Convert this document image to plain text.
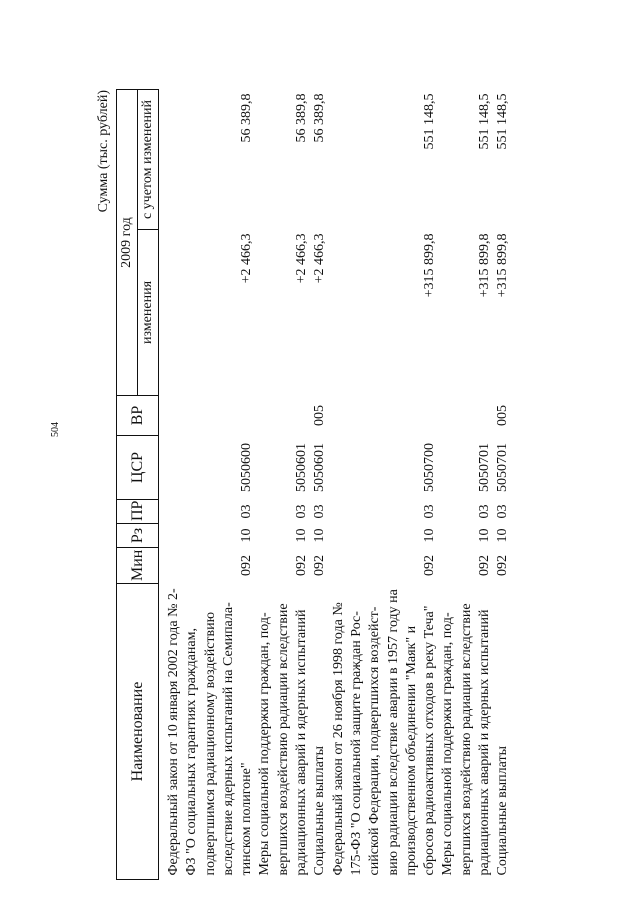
504
Сумма (тыс. рублей)
Наименование	Мин	Рз	ПР	ЦСР	ВР	2009 год	
						изменения	с учетом изменений

Федеральный закон от 10 января 2002 года № 2-ФЗ "О социальных гарантиях гражданам, подвергшимся радиационному воздействию вследствие ядерных испытаний на Семипалатинском полигоне"	092	10	03	5050600		+2 466,3	56 389,8
Меры социальной поддержки граждан, подвергшихся воздействию радиации вследствие радиационных аварий и ядерных испытаний	092	10	03	5050601		+2 466,3	56 389,8
Социальные выплаты	092	10	03	5050601	005	+2 466,3	56 389,8
Федеральный закон от 26 ноября 1998 года № 175-ФЗ "О социальной защите граждан Российской Федерации, подвергшихся воздействию радиации вследствие аварии в 1957 году на производственном объединении "Маяк" и сбросов радиоактивных отходов в реку Теча"	092	10	03	5050700		+315 899,8	551 148,5
Меры социальной поддержки граждан, подвергшихся воздействию радиации вследствие радиационных аварий и ядерных испытаний	092	10	03	5050701		+315 899,8	551 148,5
Социальные выплаты	092	10	03	5050701	005	+315 899,8	551 148,5
